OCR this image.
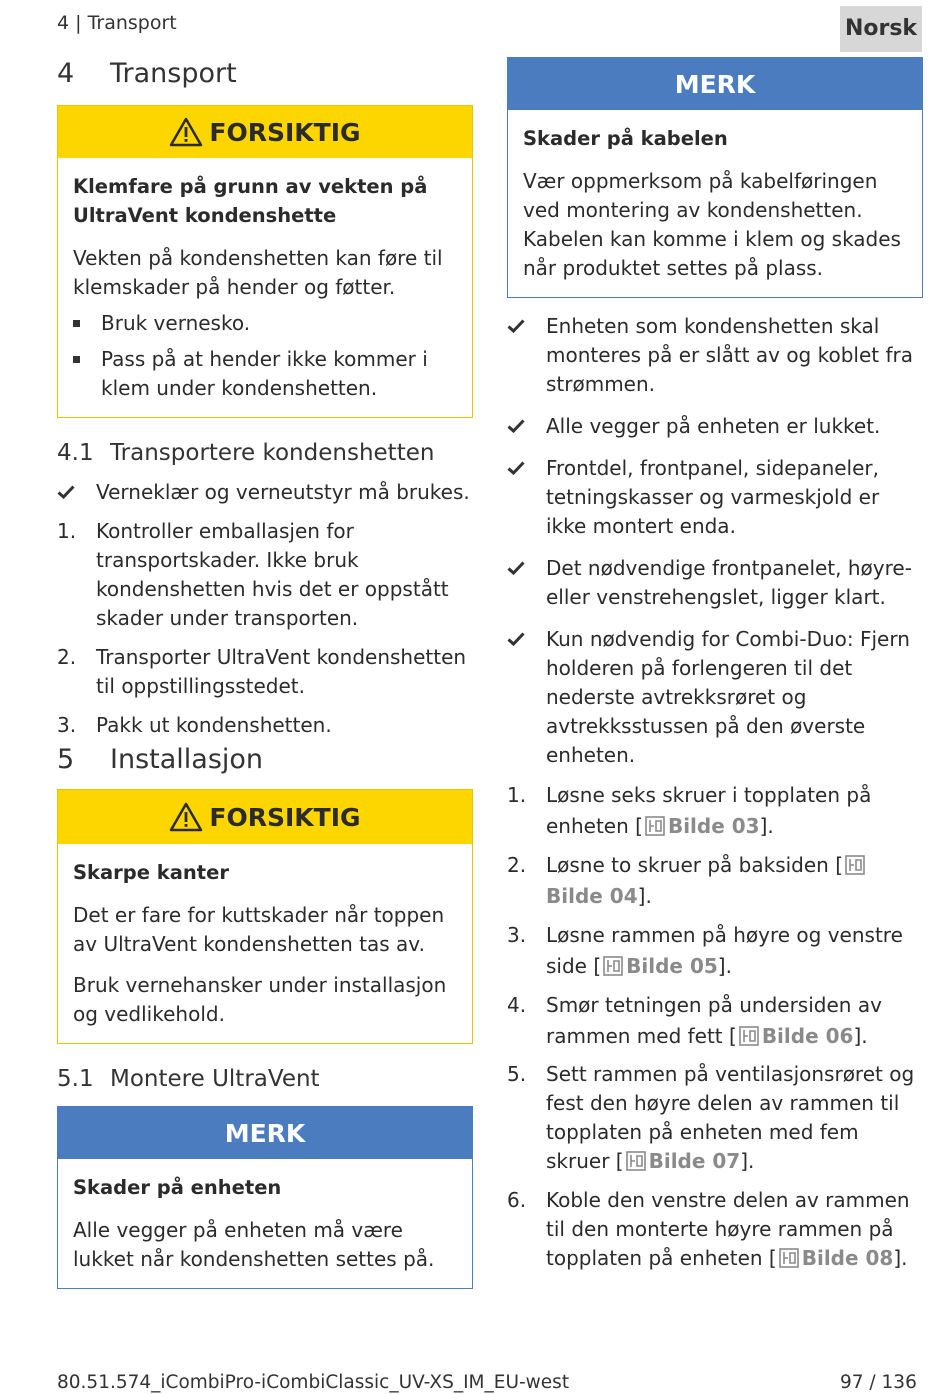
4 | Transport	Norsk
4	Transport
FORSIKTIG
Klemfare på grunn av vekten på UltraVent kondenshette
Vekten på kondenshetten kan føre til klemskader på hender og føtter.
Bruk vernesko.
Pass på at hender ikke kommer i klem under kondenshetten.
4.1 Transportere kondenshetten
Verneklær og verneutstyr må brukes.
1. Kontroller emballasjen for transportskader. Ikke bruk kondenshetten hvis det er oppstått skader under transporten.
2. Transporter UltraVent kondenshetten til oppstillingsstedet.
3. Pakk ut kondenshetten.
5	Installasjon
FORSIKTIG
Skarpe kanter
Det er fare for kuttskader når toppen av UltraVent kondenshetten tas av.
Bruk vernehansker under installasjon og vedlikehold.
5.1 Montere UltraVent
MERK
Skader på enheten
Alle vegger på enheten må være lukket når kondenshetten settes på.
MERK
Skader på kabelen
Vær oppmerksom på kabelføringen ved montering av kondenshetten. Kabelen kan komme i klem og skades når produktet settes på plass.
Enheten som kondenshetten skal monteres på er slått av og koblet fra strømmen.
Alle vegger på enheten er lukket.
Frontdel, frontpanel, sidepaneler, tetningskasser og varmeskjold er ikke montert enda.
Det nødvendige frontpanelet, høyre- eller venstrehengslet, ligger klart.
Kun nødvendig for Combi-Duo: Fjern holderen på forlengeren til det nederste avtrekksrøret og avtrekksstussen på den øverste enheten.
1. Løsne seks skruer i topplaten på enheten [ Bilde 03].
2. Løsne to skruer på baksiden [Bilde 04].
3. Løsne rammen på høyre og venstre side [ Bilde 05].
4. Smør tetningen på undersiden av rammen med fett [ Bilde 06].
5. Sett rammen på ventilasjonsrøret og fest den høyre delen av rammen til topplaten på enheten med fem skruer [ Bilde 07].
6. Koble den venstre delen av rammen til den monterte høyre rammen på topplaten på enheten [ Bilde 08].
80.51.574_iCombiPro-iCombiClassic_UV-XS_IM_EU-west	97 / 136
